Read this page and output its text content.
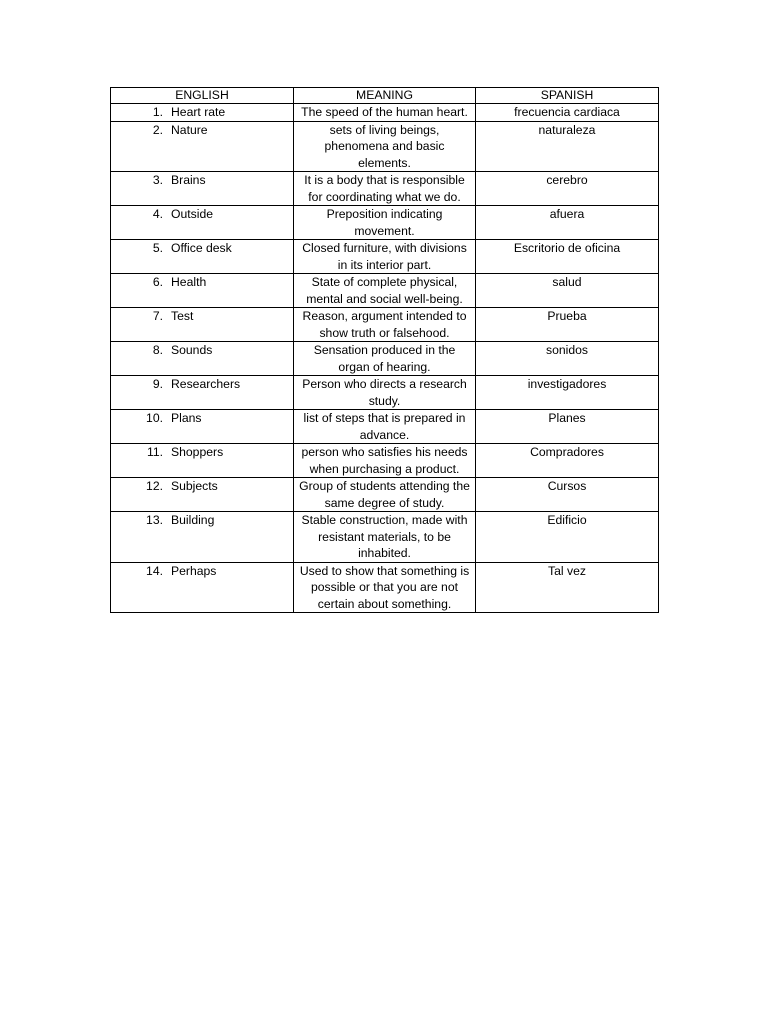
ENGLISH	MEANING	SPANISH
1. Heart rate	The speed of the human heart.	frecuencia cardiaca
2. Nature	sets of living beings, phenomena and basic elements.	naturaleza
3. Brains	It is a body that is responsible for coordinating what we do.	cerebro
4. Outside	Preposition indicating movement.	afuera
5. Office desk	Closed furniture, with divisions in its interior part.	Escritorio de oficina
6. Health	State of complete physical, mental and social well-being.	salud
7. Test	Reason, argument intended to show truth or falsehood.	Prueba
8. Sounds	Sensation produced in the organ of hearing.	sonidos
9. Researchers	Person who directs a research study.	investigadores
10. Plans	list of steps that is prepared in advance.	Planes
11. Shoppers	person who satisfies his needs when purchasing a product.	Compradores
12. Subjects	Group of students attending the same degree of study.	Cursos
13. Building	Stable construction, made with resistant materials, to be inhabited.	Edificio
14. Perhaps	Used to show that something is possible or that you are not certain about something.	Tal vez
